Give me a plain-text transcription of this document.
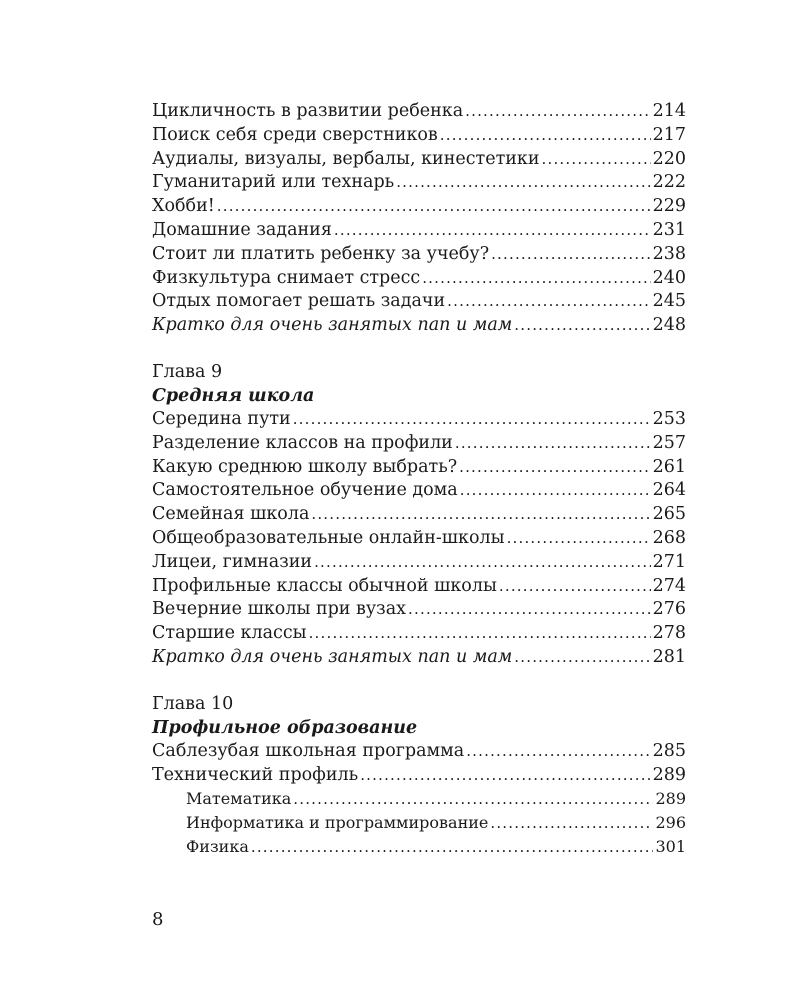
Цикличность в развитии ребенка .....	214
Поиск себя среди сверстников .....	217
Аудиалы, визуалы, вербалы, кинестетики .....	220
Гуманитарий или технарь .....	222
Хобби! .....	229
Домашние задания .....	231
Стоит ли платить ребенку за учебу? .....	238
Физкультура снимает стресс .....	240
Отдых помогает решать задачи .....	245
Кратко для очень занятых пап и мам .....	248
Глава 9
Средняя школа
Середина пути .....	253
Разделение классов на профили .....	257
Какую среднюю школу выбрать? .....	261
Самостоятельное обучение дома .....	264
Семейная школа .....	265
Общеобразовательные онлайн-школы .....	268
Лицеи, гимназии .....	271
Профильные классы обычной школы .....	274
Вечерние школы при вузах .....	276
Старшие классы .....	278
Кратко для очень занятых пап и мам .....	281
Глава 10
Профильное образование
Саблезубая школьная программа .....	285
Технический профиль .....	289
Математика .....	289
Информатика и программирование .....	296
Физика .....	301
8
